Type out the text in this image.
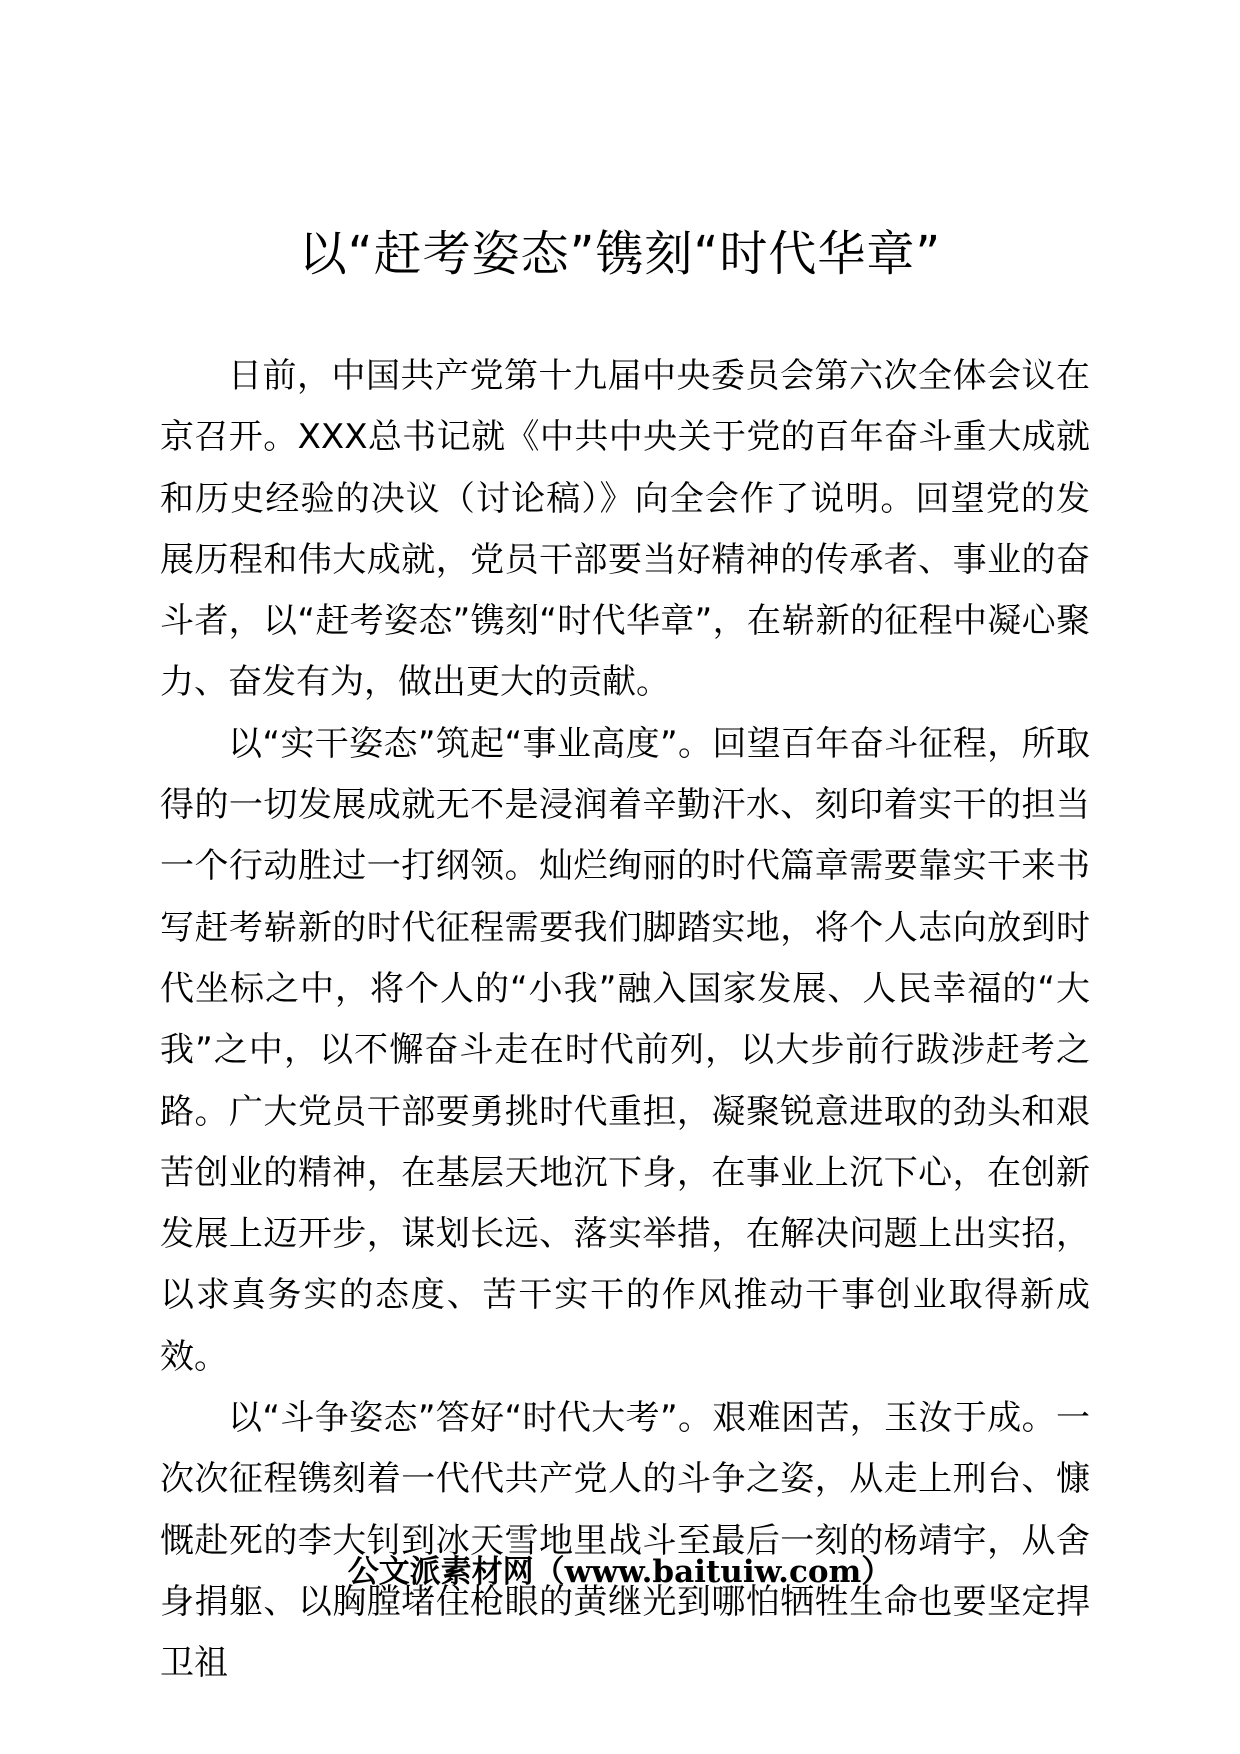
以“赶考姿态”镌刻“时代华章”

日前，中国共产党第十九届中央委员会第六次全体会议在京召开。XXX总书记就《中共中央关于党的百年奋斗重大成就和历史经验的决议（讨论稿）》向全会作了说明。回望党的发展历程和伟大成就，党员干部要当好精神的传承者、事业的奋斗者，以“赶考姿态”镌刻“时代华章”，在崭新的征程中凝心聚力、奋发有为，做出更大的贡献。

以“实干姿态”筑起“事业高度”。回望百年奋斗征程，所取得的一切发展成就无不是浸润着辛勤汗水、刻印着实干的担当一个行动胜过一打纲领。灿烂绚丽的时代篇章需要靠实干来书写赶考崭新的时代征程需要我们脚踏实地，将个人志向放到时代坐标之中，将个人的“小我”融入国家发展、人民幸福的“大我”之中，以不懈奋斗走在时代前列，以大步前行跋涉赶考之路。广大党员干部要勇挑时代重担，凝聚锐意进取的劲头和艰苦创业的精神，在基层天地沉下身，在事业上沉下心，在创新发展上迈开步，谋划长远、落实举措，在解决问题上出实招，以求真务实的态度、苦干实干的作风推动干事创业取得新成效。

以“斗争姿态”答好“时代大考”。艰难困苦，玉汝于成。一次次征程镌刻着一代代共产党人的斗争之姿，从走上刑台、慷慨赴死的李大钊到冰天雪地里战斗至最后一刻的杨靖宇，从舍身捐躯、以胸膛堵住枪眼的黄继光到哪怕牺牲生命也要坚定捍卫祖

公文派素材网（www.baituiw.com）
